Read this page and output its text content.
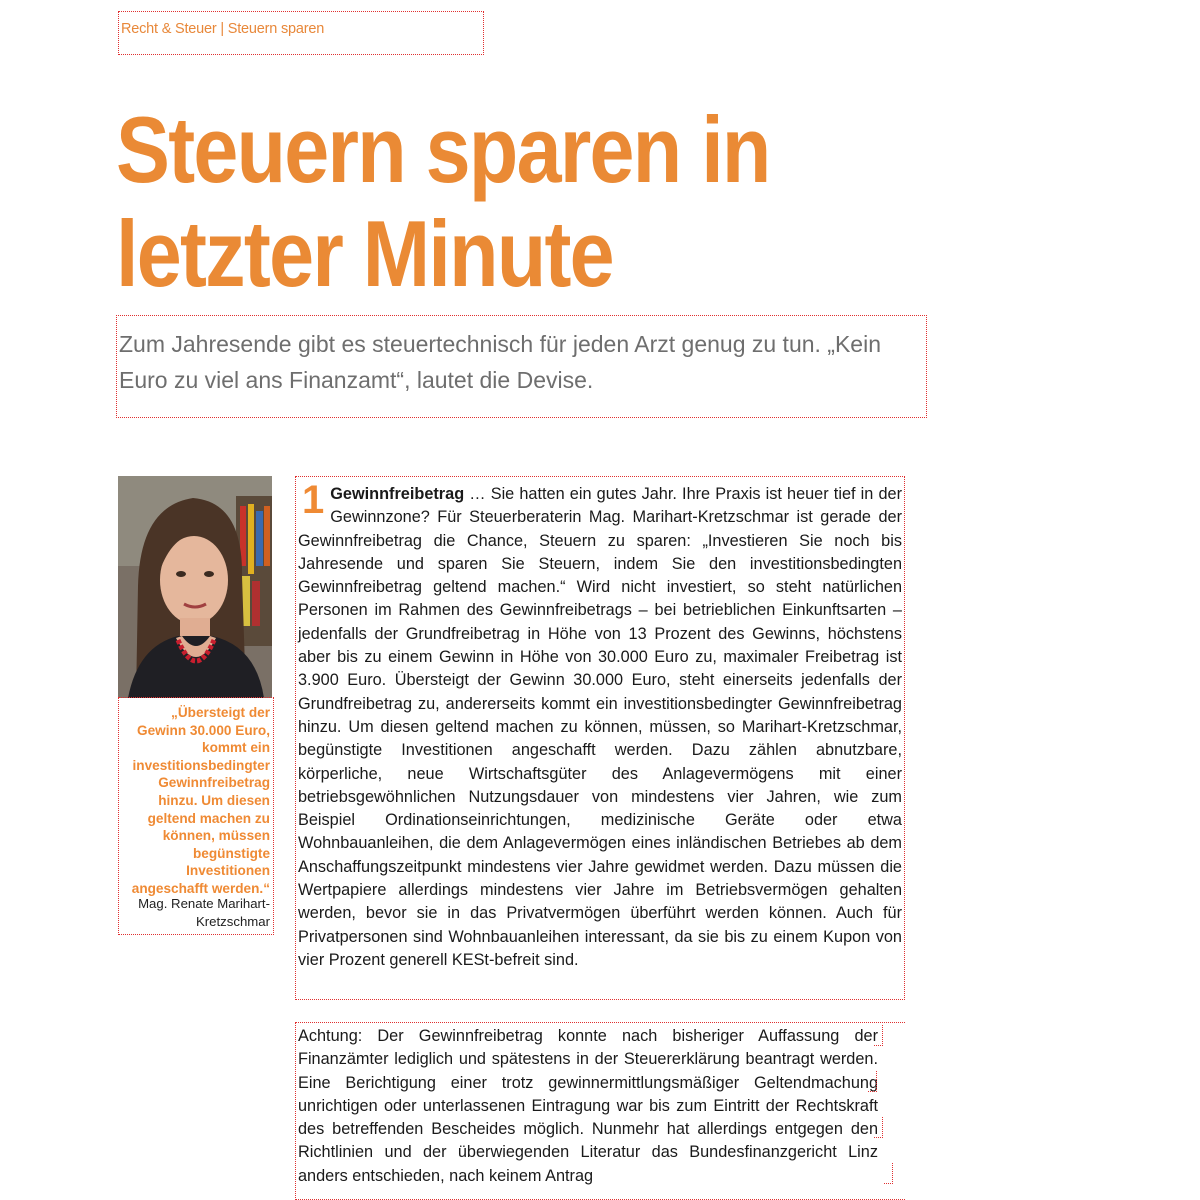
Recht & Steuer | Steuern sparen
Steuern sparen in letzter Minute

Zum Jahresende gibt es steuertechnisch für jeden Arzt genug zu tun. „Kein Euro zu viel ans Finanzamt“, lautet die Devise.

„Übersteigt der Gewinn 30.000 Euro, kommt ein investitionsbedingter Gewinnfreibetrag hinzu. Um diesen geltend machen zu können, müssen begünstigte Investitionen angeschafft werden.“

Mag. Renate Marihart-Kretzschmar

1 Gewinnfreibetrag … Sie hatten ein gutes Jahr. Ihre Praxis ist heuer tief in der Gewinnzone? Für Steuerberaterin Mag. Marihart-Kretzschmar ist gerade der Gewinnfreibetrag die Chance, Steuern zu sparen: „Investieren Sie noch bis Jahresende und sparen Sie Steuern, indem Sie den investitionsbedingten Gewinnfreibetrag geltend machen.“ Wird nicht investiert, so steht natürlichen Personen im Rahmen des Gewinnfreibetrags – bei betrieblichen Einkunftsarten – jedenfalls der Grundfreibetrag in Höhe von 13 Prozent des Gewinns, höchstens aber bis zu einem Gewinn in Höhe von 30.000 Euro zu, maximaler Freibetrag ist 3.900 Euro. Übersteigt der Gewinn 30.000 Euro, steht einerseits jedenfalls der Grundfreibetrag zu, andererseits kommt ein investitionsbedingter Gewinnfreibetrag hinzu. Um diesen geltend machen zu können, müssen, so Marihart-Kretzschmar, begünstigte Investitionen angeschafft werden. Dazu zählen abnutzbare, körperliche, neue Wirtschaftsgüter des Anlagevermögens mit einer betriebsgewöhnlichen Nutzungsdauer von mindestens vier Jahren, wie zum Beispiel Ordinationseinrichtungen, medizinische Geräte oder etwa Wohnbauanleihen, die dem Anlagevermögen eines inländischen Betriebes ab dem Anschaffungszeitpunkt mindestens vier Jahre gewidmet werden. Dazu müssen die Wertpapiere allerdings mindestens vier Jahre im Betriebsvermögen gehalten werden, bevor sie in das Privatvermögen überführt werden können. Auch für Privatpersonen sind Wohnbauanleihen interessant, da sie bis zu einem Kupon von vier Prozent generell KESt-befreit sind.

Achtung: Der Gewinnfreibetrag konnte nach bisheriger Auffassung der Finanzämter lediglich und spätestens in der Steuererklärung beantragt werden. Eine Berichtigung einer trotz gewinnermittlungsmäßiger Geltendmachung unrichtigen oder unterlassenen Eintragung war bis zum Eintritt der Rechtskraft des betreffenden Bescheides möglich. Nunmehr hat allerdings entgegen den Richtlinien und der überwiegenden Literatur das Bundesfinanzgericht Linz anders entschieden, nach keinem Antrag
